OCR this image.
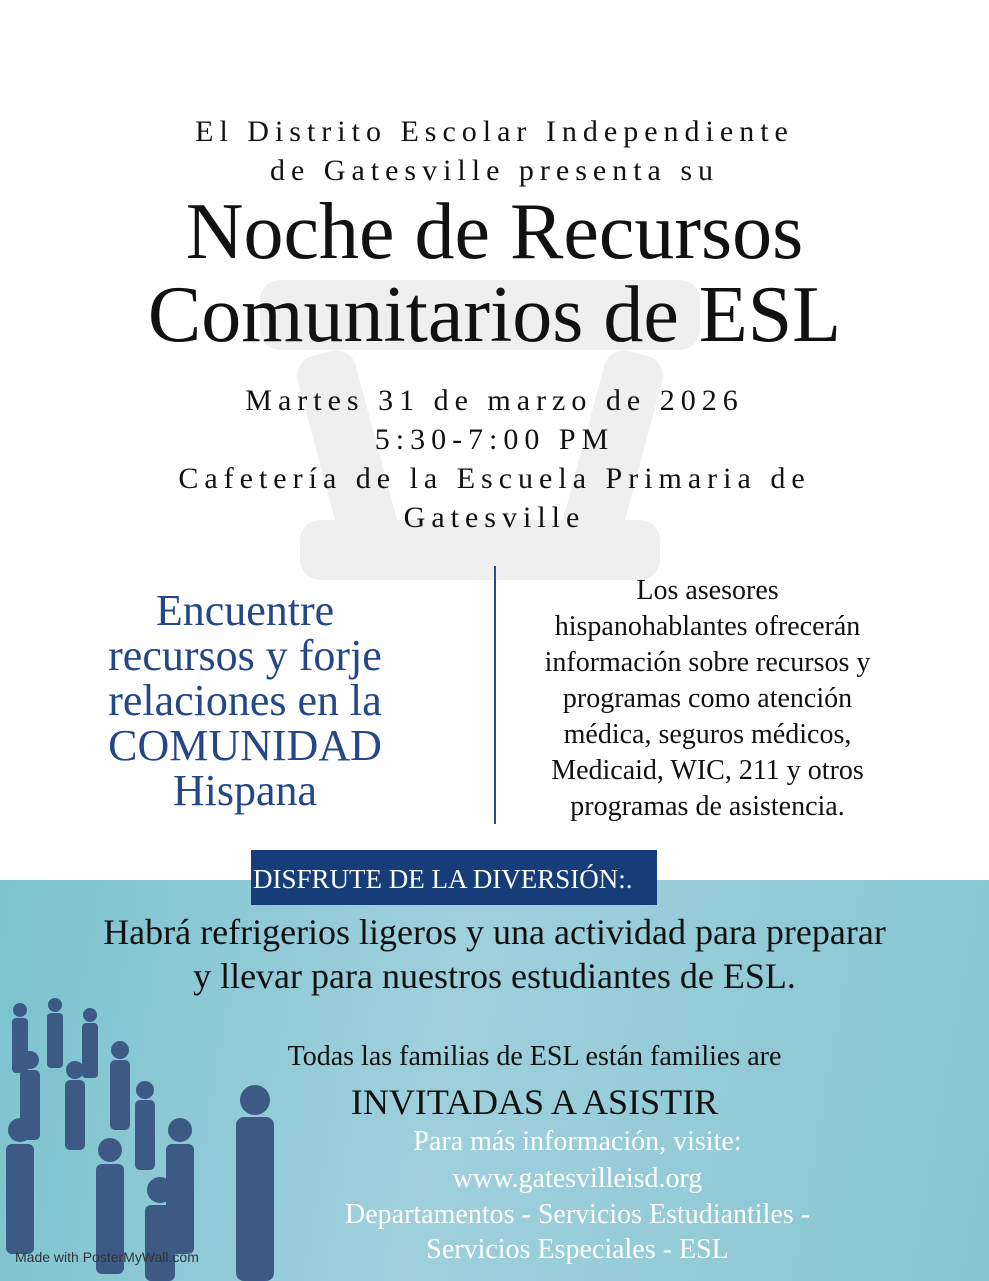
El Distrito Escolar Independiente
de Gatesville presenta su
Noche de Recursos
Comunitarios de ESL
Martes 31 de marzo de 2026
5:30-7:00 PM
Cafetería de la Escuela Primaria de
Gatesville
Encuentre
recursos y forje
relaciones en la
COMUNIDAD
Hispana
Los asesores
hispanohablantes ofrecerán
información sobre recursos y
programas como atención
médica, seguros médicos,
Medicaid, WIC, 211 y otros
programas de asistencia.
DISFRUTE DE LA DIVERSIÓN:.
Habrá refrigerios ligeros y una actividad para preparar
y llevar para nuestros estudiantes de ESL.
Todas las familias de ESL están families are
INVITADAS A ASISTIR
Para más información, visite:
www.gatesvilleisd.org
Departamentos - Servicios Estudiantiles -
Servicios Especiales - ESL
Made with PosterMyWall.com
